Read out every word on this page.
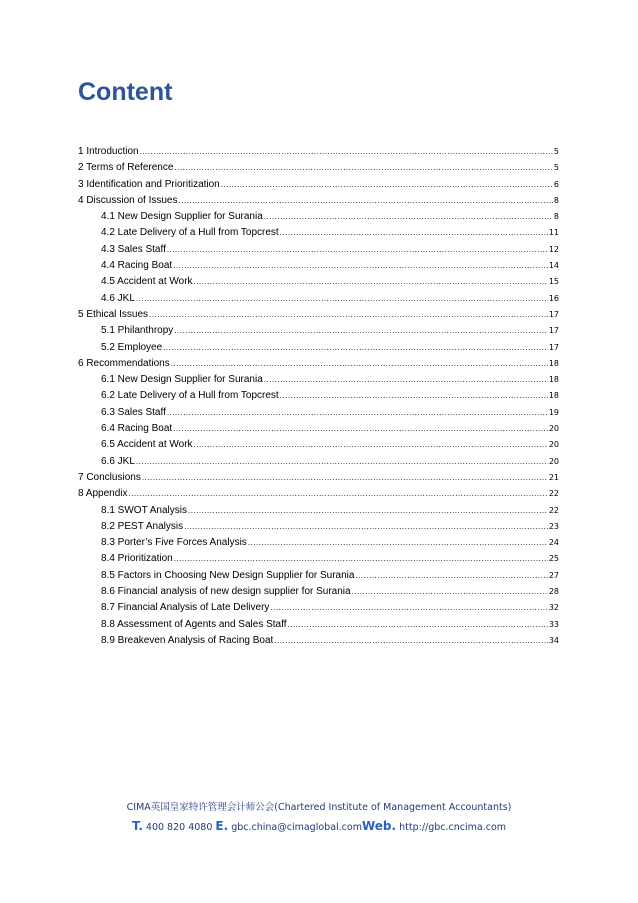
Content
1 Introduction .....	5
2 Terms of Reference .....	5
3 Identification and Prioritization .....	6
4 Discussion of Issues .....	8
4.1 New Design Supplier for Surania .....	8
4.2 Late Delivery of a Hull from Topcrest .....	11
4.3 Sales Staff .....	12
4.4 Racing Boat .....	14
4.5 Accident at Work .....	15
4.6 JKL .....	16
5 Ethical Issues .....	17
5.1 Philanthropy .....	17
5.2 Employee .....	17
6 Recommendations .....	18
6.1 New Design Supplier for Surania .....	18
6.2 Late Delivery of a Hull from Topcrest .....	18
6.3 Sales Staff .....	19
6.4 Racing Boat .....	20
6.5 Accident at Work .....	20
6.6 JKL .....	20
7 Conclusions .....	21
8 Appendix .....	22
8.1 SWOT Analysis .....	22
8.2 PEST Analysis .....	23
8.3 Porter’s Five Forces Analysis .....	24
8.4 Prioritization .....	25
8.5 Factors in Choosing New Design Supplier for Surania .....	27
8.6 Financial analysis of new design supplier for Surania .....	28
8.7 Financial Analysis of Late Delivery .....	32
8.8 Assessment of Agents and Sales Staff .....	33
8.9 Breakeven Analysis of Racing Boat .....	34
CIMA英国皇家特许管理会计师公会(Chartered Institute of Management Accountants)
T. 400 820 4080 E. gbc.china@cimaglobal.comWeb. http://gbc.cncima.com
